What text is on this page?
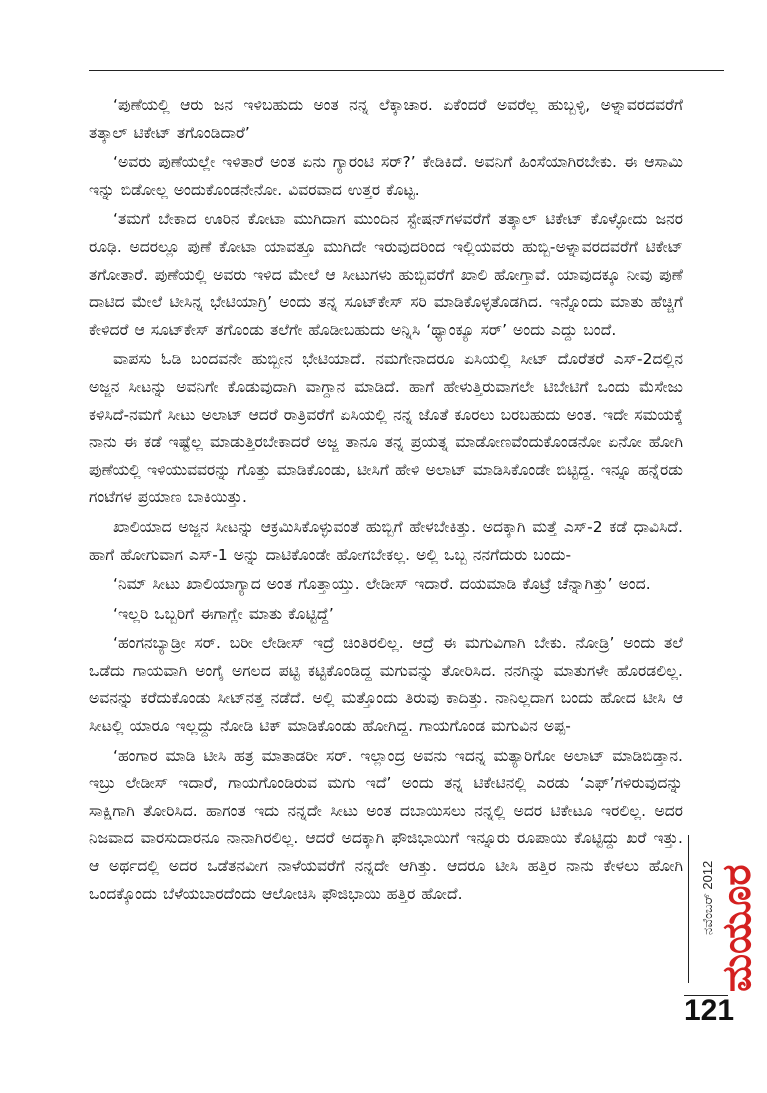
‘ಪುಣೆಯಲ್ಲಿ ಆರು ಜನ ಇಳಿಬಹುದು ಅಂತ ನನ್ನ ಲೆಕ್ಕಾಚಾರ. ಏಕೆಂದರೆ ಅವರೆಲ್ಲ ಹುಬ್ಬಳ್ಳಿ, ಅಳ್ನಾವರದವರೆಗೆ ತತ್ಕಾಲ್ ಟಿಕೇಟ್ ತಗೊಂಡಿದಾರೆ’

‘ಅವರು ಪುಣೆಯಲ್ಲೇ ಇಳಿತಾರೆ ಅಂತ ಏನು ಗ್ಯಾರಂಟಿ ಸರ್?’ ಕೇಡಿಕಿದೆ. ಅವನಿಗೆ ಹಿಂಸೆಯಾಗಿರಬೇಕು. ಈ ಆಸಾಮಿ ಇನ್ನು ಬಿಡೋಲ್ಲ ಅಂದುಕೊಂಡನೇನೋ. ವಿವರವಾದ ಉತ್ತರ ಕೊಟ್ಟ.

‘ತಮಗೆ ಬೇಕಾದ ಊರಿನ ಕೋಟಾ ಮುಗಿದಾಗ ಮುಂದಿನ ಸ್ಟೇಷನ್‌ಗಳವರೆಗೆ ತತ್ಕಾಲ್ ಟಿಕೇಟ್ ಕೊಳ್ಳೋದು ಜನರ ರೂಢಿ. ಅದರಲ್ಲೂ ಪುಣೆ ಕೋಟಾ ಯಾವತ್ತೂ ಮುಗಿದೇ ಇರುವುದರಿಂದ ಇಲ್ಲಿಯವರು ಹುಬ್ಬಿ-ಅಳ್ನಾವರದವರೆಗೆ ಟಿಕೇಟ್ ತಗೋತಾರೆ. ಪುಣೆಯಲ್ಲಿ ಅವರು ಇಳಿದ ಮೇಲೆ ಆ ಸೀಟುಗಳು ಹುಬ್ಬಿವರೆಗೆ ಖಾಲಿ ಹೋಗ್ತಾವೆ. ಯಾವುದಕ್ಕೂ ನೀವು ಪುಣೆ ದಾಟಿದ ಮೇಲೆ ಟೀಸಿನ್ನ ಭೇಟಿಯಾಗ್ರಿ’ ಅಂದು ತನ್ನ ಸೂಟ್‌ಕೇಸ್ ಸರಿ ಮಾಡಿಕೊಳ್ಳತೊಡಗಿದ. ಇನ್ನೊಂದು ಮಾತು ಹೆಚ್ಚಿಗೆ ಕೇಳಿದರೆ ಆ ಸೂಟ್‌ಕೇಸ್ ತಗೊಂಡು ತಲೆಗೇ ಹೊಡೀಬಹುದು ಅನ್ನಿಸಿ ‘ಥ್ಯಾಂಕ್ಯೂ ಸರ್’ ಅಂದು ಎದ್ದು ಬಂದೆ.

ವಾಪಸು ಓಡಿ ಬಂದವನೇ ಹುಬ್ಬೀನ ಭೇಟಿಯಾದೆ. ನಮಗೇನಾದರೂ ಏಸಿಯಲ್ಲಿ ಸೀಟ್ ದೊರೆತರೆ ಎಸ್-2ದಲ್ಲಿನ ಅಜ್ಜನ ಸೀಟನ್ನು ಅವನಿಗೇ ಕೊಡುವುದಾಗಿ ವಾಗ್ದಾನ ಮಾಡಿದೆ. ಹಾಗೆ ಹೇಳುತ್ತಿರುವಾಗಲೇ ಟಿಬೇಟಿಗೆ ಒಂದು ಮೆಸೇಜು ಕಳಿಸಿದೆ-ನಮಗೆ ಸೀಟು ಅಲಾಟ್ ಆದರೆ ರಾತ್ರಿವರೆಗೆ ಏಸಿಯಲ್ಲಿ ನನ್ನ ಜೊತೆ ಕೂರಲು ಬರಬಹುದು ಅಂತ. ಇದೇ ಸಮಯಕ್ಕೆ ನಾನು ಈ ಕಡೆ ಇಷ್ಟೆಲ್ಲ ಮಾಡುತ್ತಿರಬೇಕಾದರೆ ಅಜ್ಜ ತಾನೂ ತನ್ನ ಪ್ರಯತ್ನ ಮಾಡೋಣವೆಂದುಕೊಂಡನೋ ಏನೋ ಹೋಗಿ ಪುಣೆಯಲ್ಲಿ ಇಳಿಯುವವರನ್ನು ಗೊತ್ತು ಮಾಡಿಕೊಂಡು, ಟೀಸಿಗೆ ಹೇಳಿ ಅಲಾಟ್ ಮಾಡಿಸಿಕೊಂಡೇ ಬಿಟ್ಟಿದ್ದ. ಇನ್ನೂ ಹನ್ನೆರಡು ಗಂಟೆಗಳ ಪ್ರಯಾಣ ಬಾಕಿಯಿತ್ತು.

ಖಾಲಿಯಾದ ಅಜ್ಜನ ಸೀಟನ್ನು ಆಕ್ರಮಿಸಿಕೊಳ್ಳುವಂತೆ ಹುಬ್ಬಿಗೆ ಹೇಳಬೇಕಿತ್ತು. ಅದಕ್ಕಾಗಿ ಮತ್ತೆ ಎಸ್-2 ಕಡೆ ಧಾವಿಸಿದೆ. ಹಾಗೆ ಹೋಗುವಾಗ ಎಸ್-1 ಅನ್ನು ದಾಟಿಕೊಂಡೇ ಹೋಗಬೇಕಲ್ಲ. ಅಲ್ಲಿ ಒಬ್ಬ ನನಗೆದುರು ಬಂದು-

‘ನಿಮ್ ಸೀಟು ಖಾಲಿಯಾಗ್ಯಾದ ಅಂತ ಗೊತ್ತಾಯ್ತು. ಲೇಡೀಸ್ ಇದಾರೆ. ದಯಮಾಡಿ ಕೊಟ್ರೆ ಚೆನ್ನಾಗಿತ್ತು’ ಅಂದ.

‘ಇಲ್ಲರಿ ಒಬ್ಬರಿಗೆ ಈಗಾಗ್ಲೇ ಮಾತು ಕೊಟ್ಟಿದ್ದೆ’

‘ಹಂಗನಬ್ಯಾಡ್ರೀ ಸರ್. ಬರೀ ಲೇಡೀಸ್ ಇದ್ರೆ ಚಿಂತಿರಲಿಲ್ಲ. ಆದ್ರೆ ಈ ಮಗುವಿಗಾಗಿ ಬೇಕು. ನೋಡ್ರಿ’ ಅಂದು ತಲೆ ಒಡೆದು ಗಾಯವಾಗಿ ಅಂಗೈ ಅಗಲದ ಪಟ್ಟಿ ಕಟ್ಟಿಕೊಂಡಿದ್ದ ಮಗುವನ್ನು ತೋರಿಸಿದ. ನನಗಿನ್ನು ಮಾತುಗಳೇ ಹೊರಡಲಿಲ್ಲ. ಅವನನ್ನು ಕರೆದುಕೊಂಡು ಸೀಟ್‌ನತ್ತ ನಡೆದೆ. ಅಲ್ಲಿ ಮತ್ತೊಂದು ತಿರುವು ಕಾದಿತ್ತು. ನಾನಿಲ್ಲದಾಗ ಬಂದು ಹೋದ ಟೀಸಿ ಆ ಸೀಟಲ್ಲಿ ಯಾರೂ ಇಲ್ಲದ್ದು ನೋಡಿ ಟಿಕ್ ಮಾಡಿಕೊಂಡು ಹೋಗಿದ್ದ. ಗಾಯಗೊಂಡ ಮಗುವಿನ ಅಪ್ಪ-

‘ಹಂಗಾರ ಮಾಡಿ ಟೀಸಿ ಹತ್ರ ಮಾತಾಡರೀ ಸರ್. ಇಲ್ಲಾಂದ್ರ ಅವನು ಇದನ್ನ ಮತ್ಯಾರಿಗೋ ಅಲಾಟ್ ಮಾಡಿಬಿಡ್ತಾನ. ಇಬ್ರು ಲೇಡೀಸ್ ಇದಾರೆ, ಗಾಯಗೊಂಡಿರುವ ಮಗು ಇದೆ’ ಅಂದು ತನ್ನ ಟಿಕೇಟಿನಲ್ಲಿ ಎರಡು ‘ಎಫ್’ಗಳಿರುವುದನ್ನು ಸಾಕ್ಷಿಗಾಗಿ ತೋರಿಸಿದ. ಹಾಗಂತ ಇದು ನನ್ನದೇ ಸೀಟು ಅಂತ ದಬಾಯಿಸಲು ನನ್ನಲ್ಲಿ ಅದರ ಟಿಕೇಟೂ ಇರಲಿಲ್ಲ. ಅದರ ನಿಜವಾದ ವಾರಸುದಾರನೂ ನಾನಾಗಿರಲಿಲ್ಲ. ಆದರೆ ಅದಕ್ಕಾಗಿ ಫೌಜಿಭಾಯಿಗೆ ಇನ್ನೂರು ರೂಪಾಯಿ ಕೊಟ್ಟಿದ್ದು ಖರೆ ಇತ್ತು. ಆ ಅರ್ಥದಲ್ಲಿ ಅದರ ಒಡೆತನವೀಗ ನಾಳೆಯವರೆಗೆ ನನ್ನದೇ ಆಗಿತ್ತು. ಆದರೂ ಟೀಸಿ ಹತ್ತಿರ ನಾನು ಕೇಳಲು ಹೋಗಿ ಒಂದಕ್ಕೊಂದು ಬೆಳೆಯಬಾರದೆಂದು ಆಲೋಚಿಸಿ ಫೌಜಿಭಾಯಿ ಹತ್ತಿರ ಹೋದೆ.	ನವೆಂಬರ್ 2012 ಮಯೂರ
121
